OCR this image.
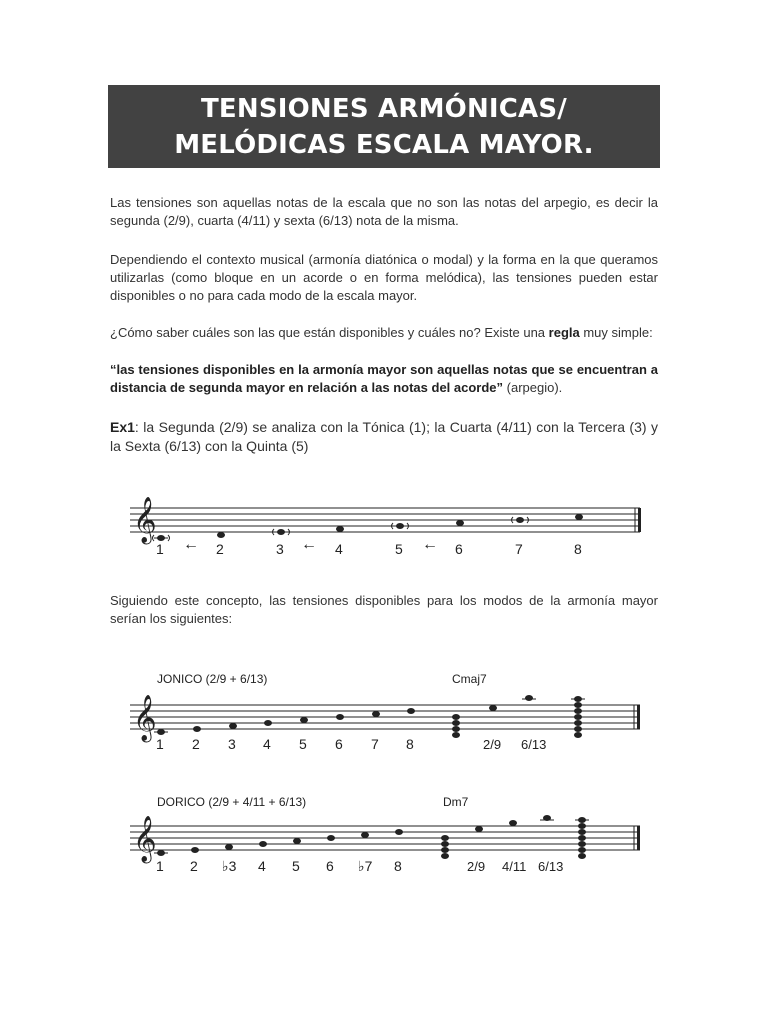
TENSIONES ARMÓNICAS/
MELÓDICAS ESCALA MAYOR.

Las tensiones son aquellas notas de la escala que no son las notas del arpegio, es decir la segunda (2/9), cuarta (4/11) y sexta (6/13) nota de la misma.

Dependiendo el contexto musical (armonía diatónica o modal) y la forma en la que queramos utilizarlas (como bloque en un acorde o en forma melódica), las tensiones pueden estar disponibles o no para cada modo de la escala mayor.

¿Cómo saber cuáles son las que están disponibles y cuáles no? Existe una regla muy simple:

“las tensiones disponibles en la armonía mayor son aquellas notas que se encuentran a distancia de segunda mayor en relación a las notas del acorde” (arpegio).

Ex1: la Segunda (2/9) se analiza con la Tónica (1); la Cuarta (4/11) con la Tercera (3) y la Sexta (6/13) con la Quinta (5)

𝄞
1	2	3	4	5	6	7	8
←	←	←

Siguiendo este concepto, las tensiones disponibles para los modos de la armonía mayor serían los siguientes:

JONICO (2/9 + 6/13)	Cmaj7
𝄞
1 2 3 4 5 6 7 8	2/9 6/13
DORICO (2/9 + 4/11 + 6/13)	Dm7
𝄞
1 2 ♭3 4 5 6 ♭7 8	2/9 4/11 6/13
